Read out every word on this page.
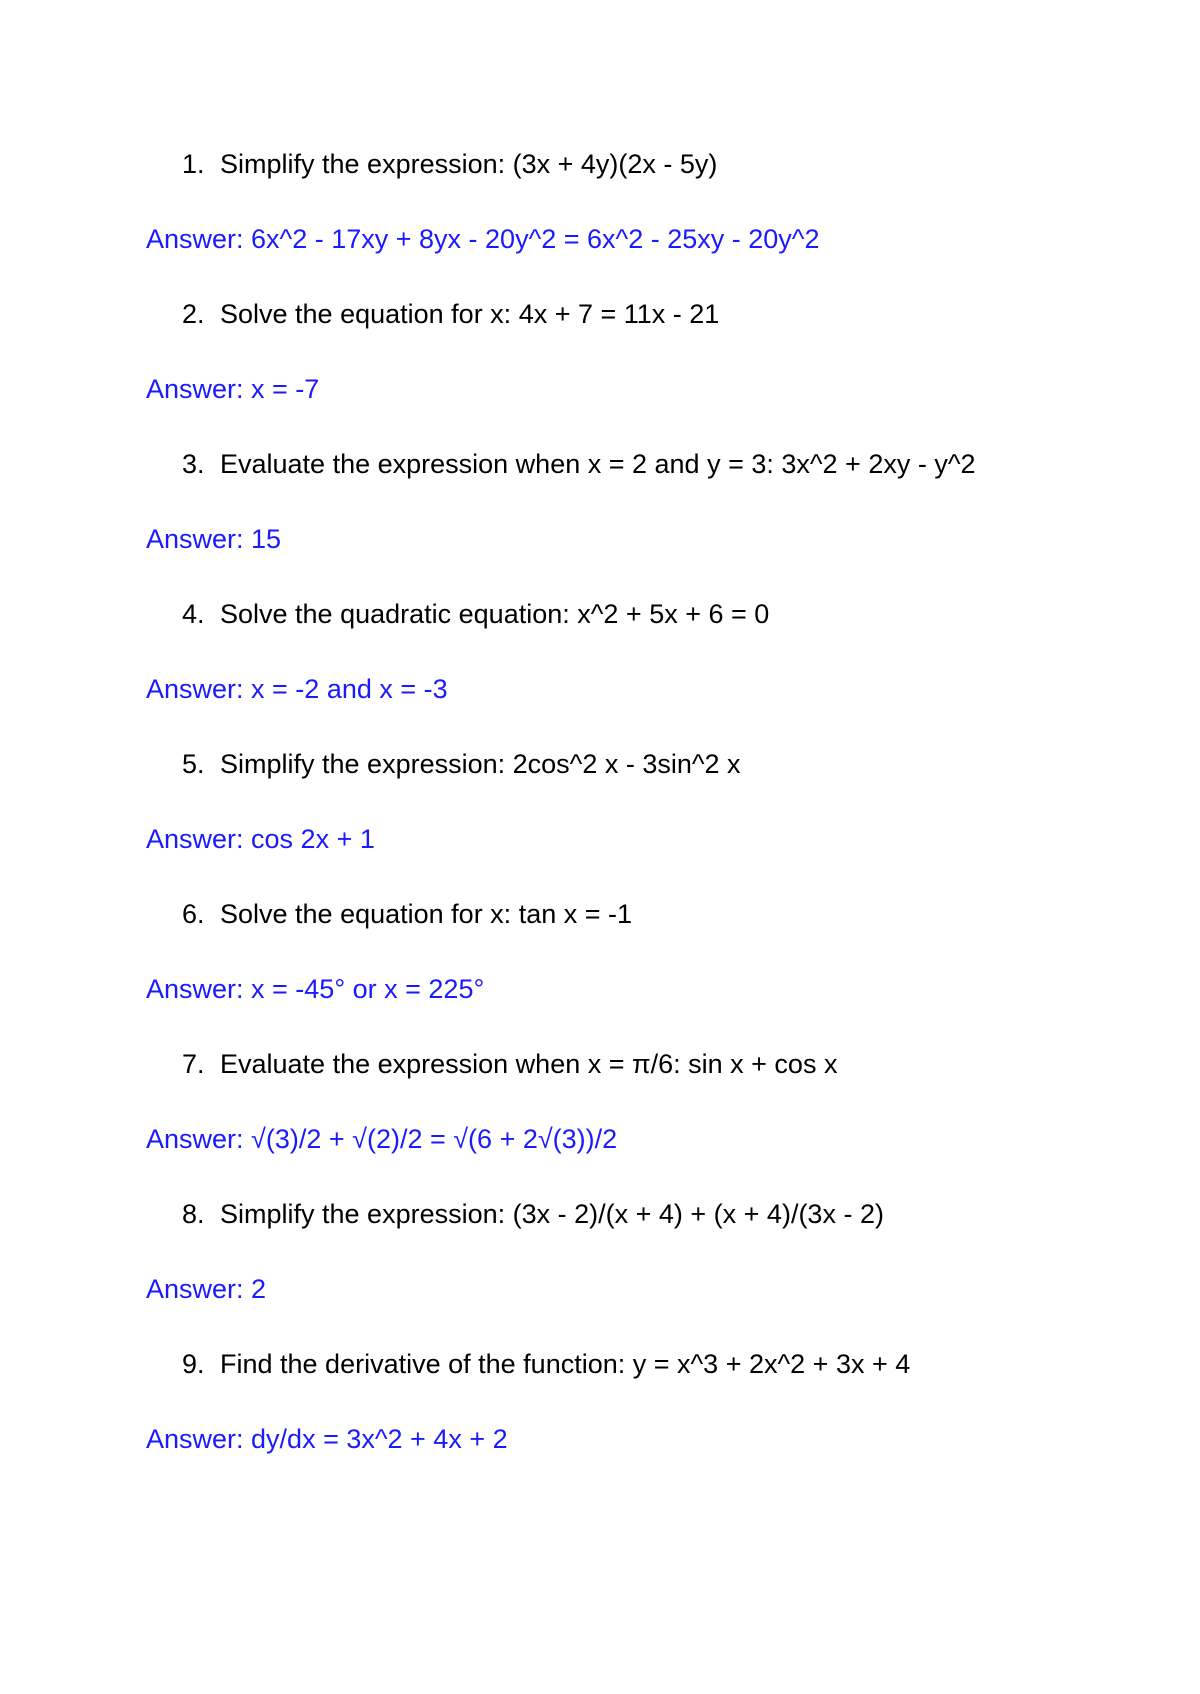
1. Simplify the expression: (3x + 4y)(2x - 5y)
Answer: 6x^2 - 17xy + 8yx - 20y^2 = 6x^2 - 25xy - 20y^2
2. Solve the equation for x: 4x + 7 = 11x - 21
Answer: x = -7
3. Evaluate the expression when x = 2 and y = 3: 3x^2 + 2xy - y^2
Answer: 15
4. Solve the quadratic equation: x^2 + 5x + 6 = 0
Answer: x = -2 and x = -3
5. Simplify the expression: 2cos^2 x - 3sin^2 x
Answer: cos 2x + 1
6. Solve the equation for x: tan x = -1
Answer: x = -45° or x = 225°
7. Evaluate the expression when x = π/6: sin x + cos x
Answer: √(3)/2 + √(2)/2 = √(6 + 2√(3))/2
8. Simplify the expression: (3x - 2)/(x + 4) + (x + 4)/(3x - 2)
Answer: 2
9. Find the derivative of the function: y = x^3 + 2x^2 + 3x + 4
Answer: dy/dx = 3x^2 + 4x + 2
